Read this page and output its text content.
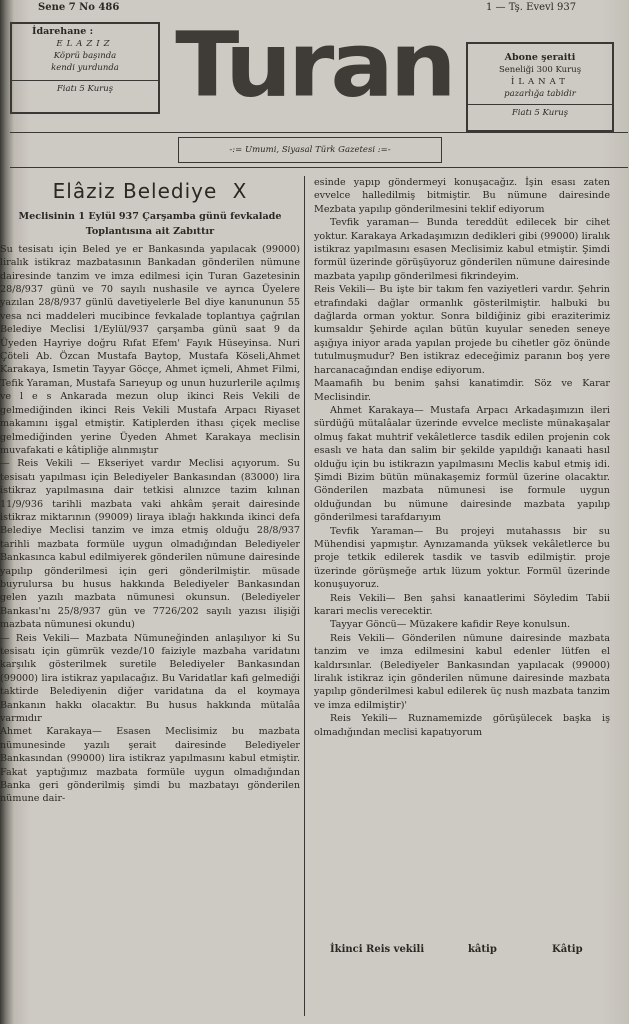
Sene 7 No 486	1 — Tş. Evevl 937
İdarehane :
ELAZIZ
Köprü başında
kendi yurdunda
Fiatı 5 Kuruş Turan	Abone şeraiti
Seneliği 300 Kuruş
İLANAT
pazarlığa tabidir
Fiatı 5 Kuruş
-:= Umumi, Siyasal Türk Gazetesi :=-
Elâziz Belediye X
Meclisinin 1 Eylül 937 Çarşamba günü fevkalade
Toplantısına ait Zabıttır

Su tesisatı için Beled ye er Bankasında yapılacak (99000) liralık istikraz mazbatasının Bankadan gönderilen nümune dairesinde tanzim ve imza edilmesi için Turan Gazetesinin 28/8/937 günü ve 70 sayılı nushasile ve ayrıca Üyelere yazılan 28/8/937 günlü davetiyelerle Bel diye kanununun 55 vesa nci maddeleri mucibince fevkalade toplantıya çağrılan Belediye Meclisi 1/Eylül/937 çarşamba günü saat 9 da Üyeden Hayriye doğru Rıfat Efem' Fayık Hüseyinsa. Nuri Çöteli Ab. Özcan Mustafa Baytop, Mustafa Köseli,Ahmet Karakaya, Ismetin Tayyar Göcçe, Ahmet içmeli, Ahmet Filmi, Tefik Yaraman, Mustafa Sarıeyup og unun huzurlerile açılmış ve l e s Ankarada mezun olup ikinci Reis Vekili de gelmediğinden ikinci Reis Vekili Mustafa Arpacı Riyaset makamını işgal etmiştir. Katiplerden ithası çiçek meclise gelmediğinden yerine Üyeden Ahmet Karakaya meclisin muvafakati e kâtipliğe alınmıştır

— Reis Vekili — Ekseriyet vardır Meclisi açıyorum. Su tesisatı yapılması için Belediyeler Bankasından (83000) lira istikraz yapılmasına dair tetkisi alınızce tazim kılınan 11/9/936 tarihli mazbata vaki ahkâm şerait dairesinde istikraz miktarının (99009) liraya iblağı hakkında ikinci defa Belediye Meclisi tanzim ve imza etmiş olduğu 28/8/937 tarihli mazbata formüle uygun olmadığından Belediyeler Bankasınca kabul edilmiyerek gönderilen nümune dairesinde yapılıp gönderilmesi için geri gönderilmiştir. müsade buyrulursa bu husus hakkında Belediyeler Bankasından gelen yazılı mazbata nümunesi okunsun. (Belediyeler Bankası'nı 25/8/937 gün ve 7726/202 sayılı yazısı ilişiği mazbata nümunesi okundu)

— Reis Vekili— Mazbata Nümuneğinden anlaşılıyor ki Su tesisatı için gümrük vezde/10 faiziyle mazbaha varidatını karşılık gösterilmek suretile Belediyeler Bankasından (99000) lira istikraz yapılacağız. Bu Varidatlar kafi gelmediği taktirde Belediyenin diğer varidatına da el koymaya Bankanın hakkı olacaktır. Bu husus hakkında mütalâa varmıdır

Ahmet Karakaya— Esasen Meclisimiz bu mazbata nümunesinde yazılı şerait dairesinde Belediyeler Bankasından (99000) lira istikraz yapılmasını kabul etmiştir. Fakat yaptığımız mazbata formüle uygun olmadığından Banka geri gönderilmiş şimdi bu mazbatayı gönderilen nümune dair-

esinde yapıp göndermeyi konuşacağız. İşin esası zaten evvelce halledilmiş bitmiştir. Bu nümune dairesinde Mezbata yapılıp gönderilmesini teklif ediyorum

Tevfik yaraman— Bunda tereddüt edilecek bir cihet yoktur. Karakaya Arkadaşımızın dedikleri gibi (99000) liralık istikraz yapılmasını esasen Meclisimiz kabul etmiştir. Şimdi formül üzerinde görüşüyoruz gönderilen nümune dairesinde mazbata yapılıp gönderilmesi fikrindeyim.

Reis Vekili— Bu işte bir takım fen vaziyetleri vardır. Şehrin etrafındaki dağlar ormanlık gösterilmiştir. halbuki bu dağlarda orman yoktur. Sonra bildiğiniz gibi eraziterimiz kumsaldır Şehirde açılan bütün kuyular seneden seneye aşığıya iniyor arada yapılan projede bu cihetler göz önünde tutulmuşmudur? Ben istikraz edeceğimiz paranın boş yere harcanacağından endişe ediyorum.

Maamafih bu benim şahsi kanatimdir. Söz ve Karar Meclisindir.

Ahmet Karakaya— Mustafa Arpacı Arkadaşımızın ileri sürdüğü mütalâalar üzerinde evvelce mecliste münakaşalar olmuş fakat muhtrif vekâletlerce tasdik edilen projenin cok esaslı ve hata dan salim bir şekilde yapıldığı kanaati hasıl olduğu için bu istikrazın yapılmasını Meclis kabul etmiş idi. Şimdi Bizim bütün münakaşemiz formül üzerine olacaktır. Gönderilen mazbata nümunesi ise formule uygun olduğundan bu nümune dairesinde mazbata yapılıp gönderilmesi tarafdarıyım

Tevfik Yaraman— Bu projeyi mutahassıs bir su Mühendisi yapmıştır. Aynızamanda yüksek vekâletlerce bu proje tetkik edilerek tasdik ve tasvib edilmiştir. proje üzerinde görüşmeğe artık lüzum yoktur. Formül üzerinde konuşuyoruz.

Reis Vekili— Ben şahsi kanaatlerimi Söyledim Tabii karari meclis verecektir.

Tayyar Göncü— Müzakere kafidir Reye konulsun.

Reis Vekili— Gönderilen nümune dairesinde mazbata tanzim ve imza edilmesini kabul edenler lütfen el kaldırsınlar. (Belediyeler Bankasından yapılacak (99000) liralık istikraz için gönderilen nümune dairesinde mazbata yapılıp gönderilmesi kabul edilerek üç nush mazbata tanzim ve imza edilmiştir)'

Reis Yekili— Ruznamemizde görüşülecek başka iş olmadığından meclisi kapatıyorum

İkinci Reis vekili	kâtip	Kâtip
